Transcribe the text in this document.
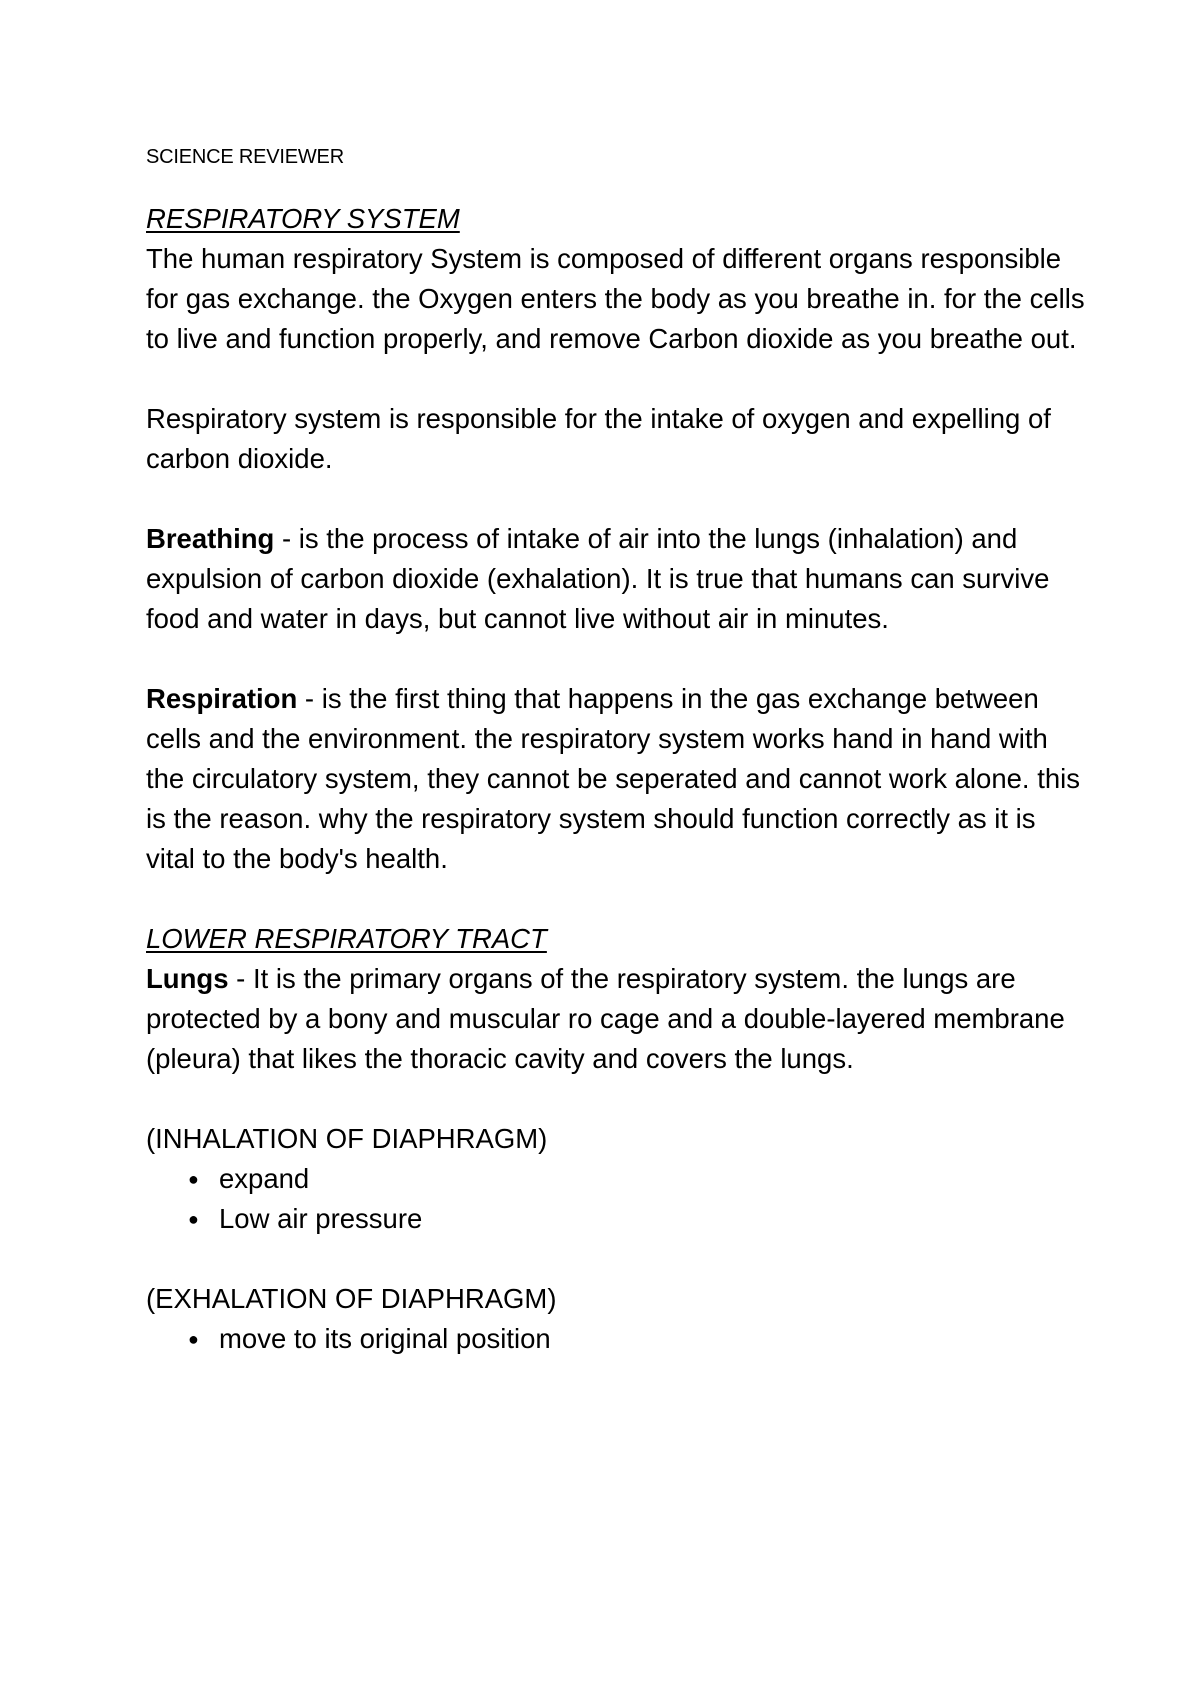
SCIENCE REVIEWER
RESPIRATORY SYSTEM

The human respiratory System is composed of different organs responsible for gas exchange. the Oxygen enters the body as you breathe in. for the cells to live and function properly, and remove Carbon dioxide as you breathe out.

Respiratory system is responsible for the intake of oxygen and expelling of carbon dioxide.

Breathing - is the process of intake of air into the lungs (inhalation) and expulsion of carbon dioxide (exhalation). It is true that humans can survive food and water in days, but cannot live without air in minutes.

Respiration - is the first thing that happens in the gas exchange between cells and the environment. the respiratory system works hand in hand with the circulatory system, they cannot be seperated and cannot work alone. this is the reason. why the respiratory system should function correctly as it is vital to the body's health.

LOWER RESPIRATORY TRACT

Lungs - It is the primary organs of the respiratory system. the lungs are protected by a bony and muscular ro cage and a double-layered membrane (pleura) that likes the thoracic cavity and covers the lungs.

(INHALATION OF DIAPHRAGM)

● expand
● Low air pressure

(EXHALATION OF DIAPHRAGM)

● move to its original position
